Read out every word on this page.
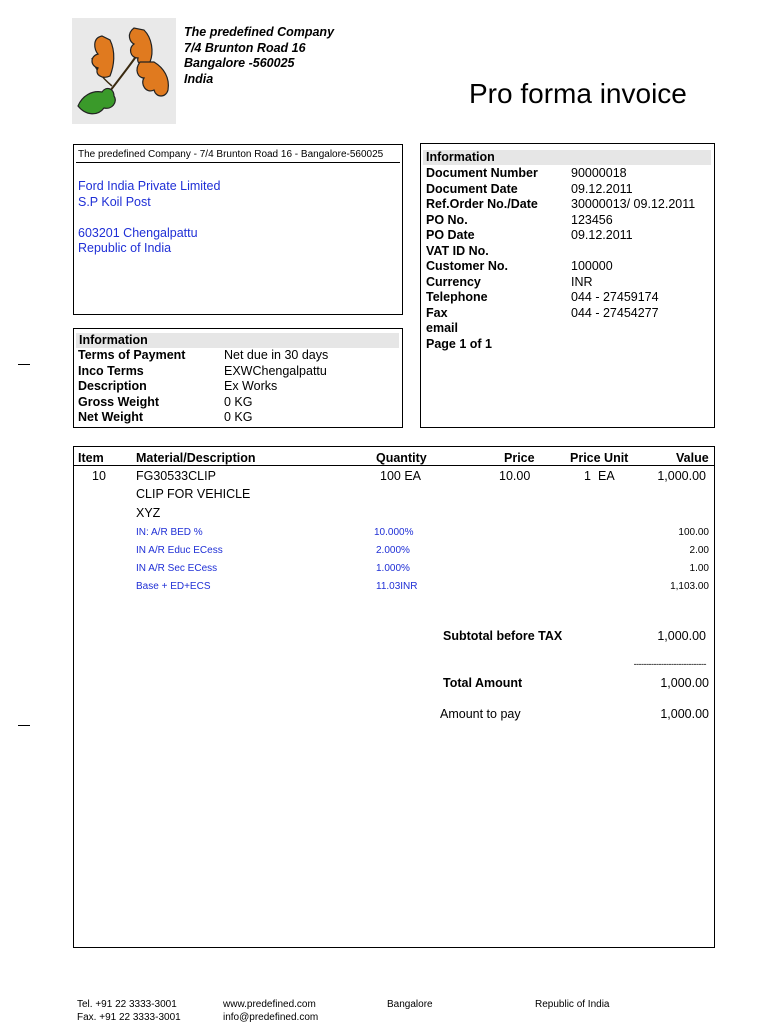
The predefined Company
7/4 Brunton Road 16
Bangalore -560025
India	Pro forma invoice
The predefined Company - 7/4 Brunton Road 16 - Bangalore-560025
Ford India Private Limited
S.P Koil Post
603201 Chengalpattu
Republic of India
Information
Document Number	90000018
Document Date	09.12.2011
Ref.Order No./Date	30000013/ 09.12.2011
PO No.	123456
PO Date	09.12.2011
VAT ID No.
Customer No.	100000
Currency	INR
Telephone	044 - 27459174
Fax	044 - 27454277
email
Page 1 of 1
Information
Terms of Payment	Net due in 30 days
Inco Terms	EXWChengalpattu
Description	Ex Works
Gross Weight	0 KG
Net Weight	0 KG
Item	Material/Description	Quantity	Price	Price Unit	Value
10 FG30533CLIP	100 EA	10.00	1 EA	1,000.00
CLIP FOR VEHICLE
XYZ
IN: A/R BED %	10.000%	100.00
IN A/R Educ ECess	2.000%	2.00
IN A/R Sec ECess	1.000%	1.00
Base + ED+ECS	11.03INR	1,103.00
Subtotal before TAX	1,000.00
-----------------------------
Total Amount	1,000.00
Amount to pay	1,000.00
Tel. +91 22 3333-3001
Fax. +91 22 3333-3001
www.predefined.com
info@predefined.com
Bangalore	Republic of India
